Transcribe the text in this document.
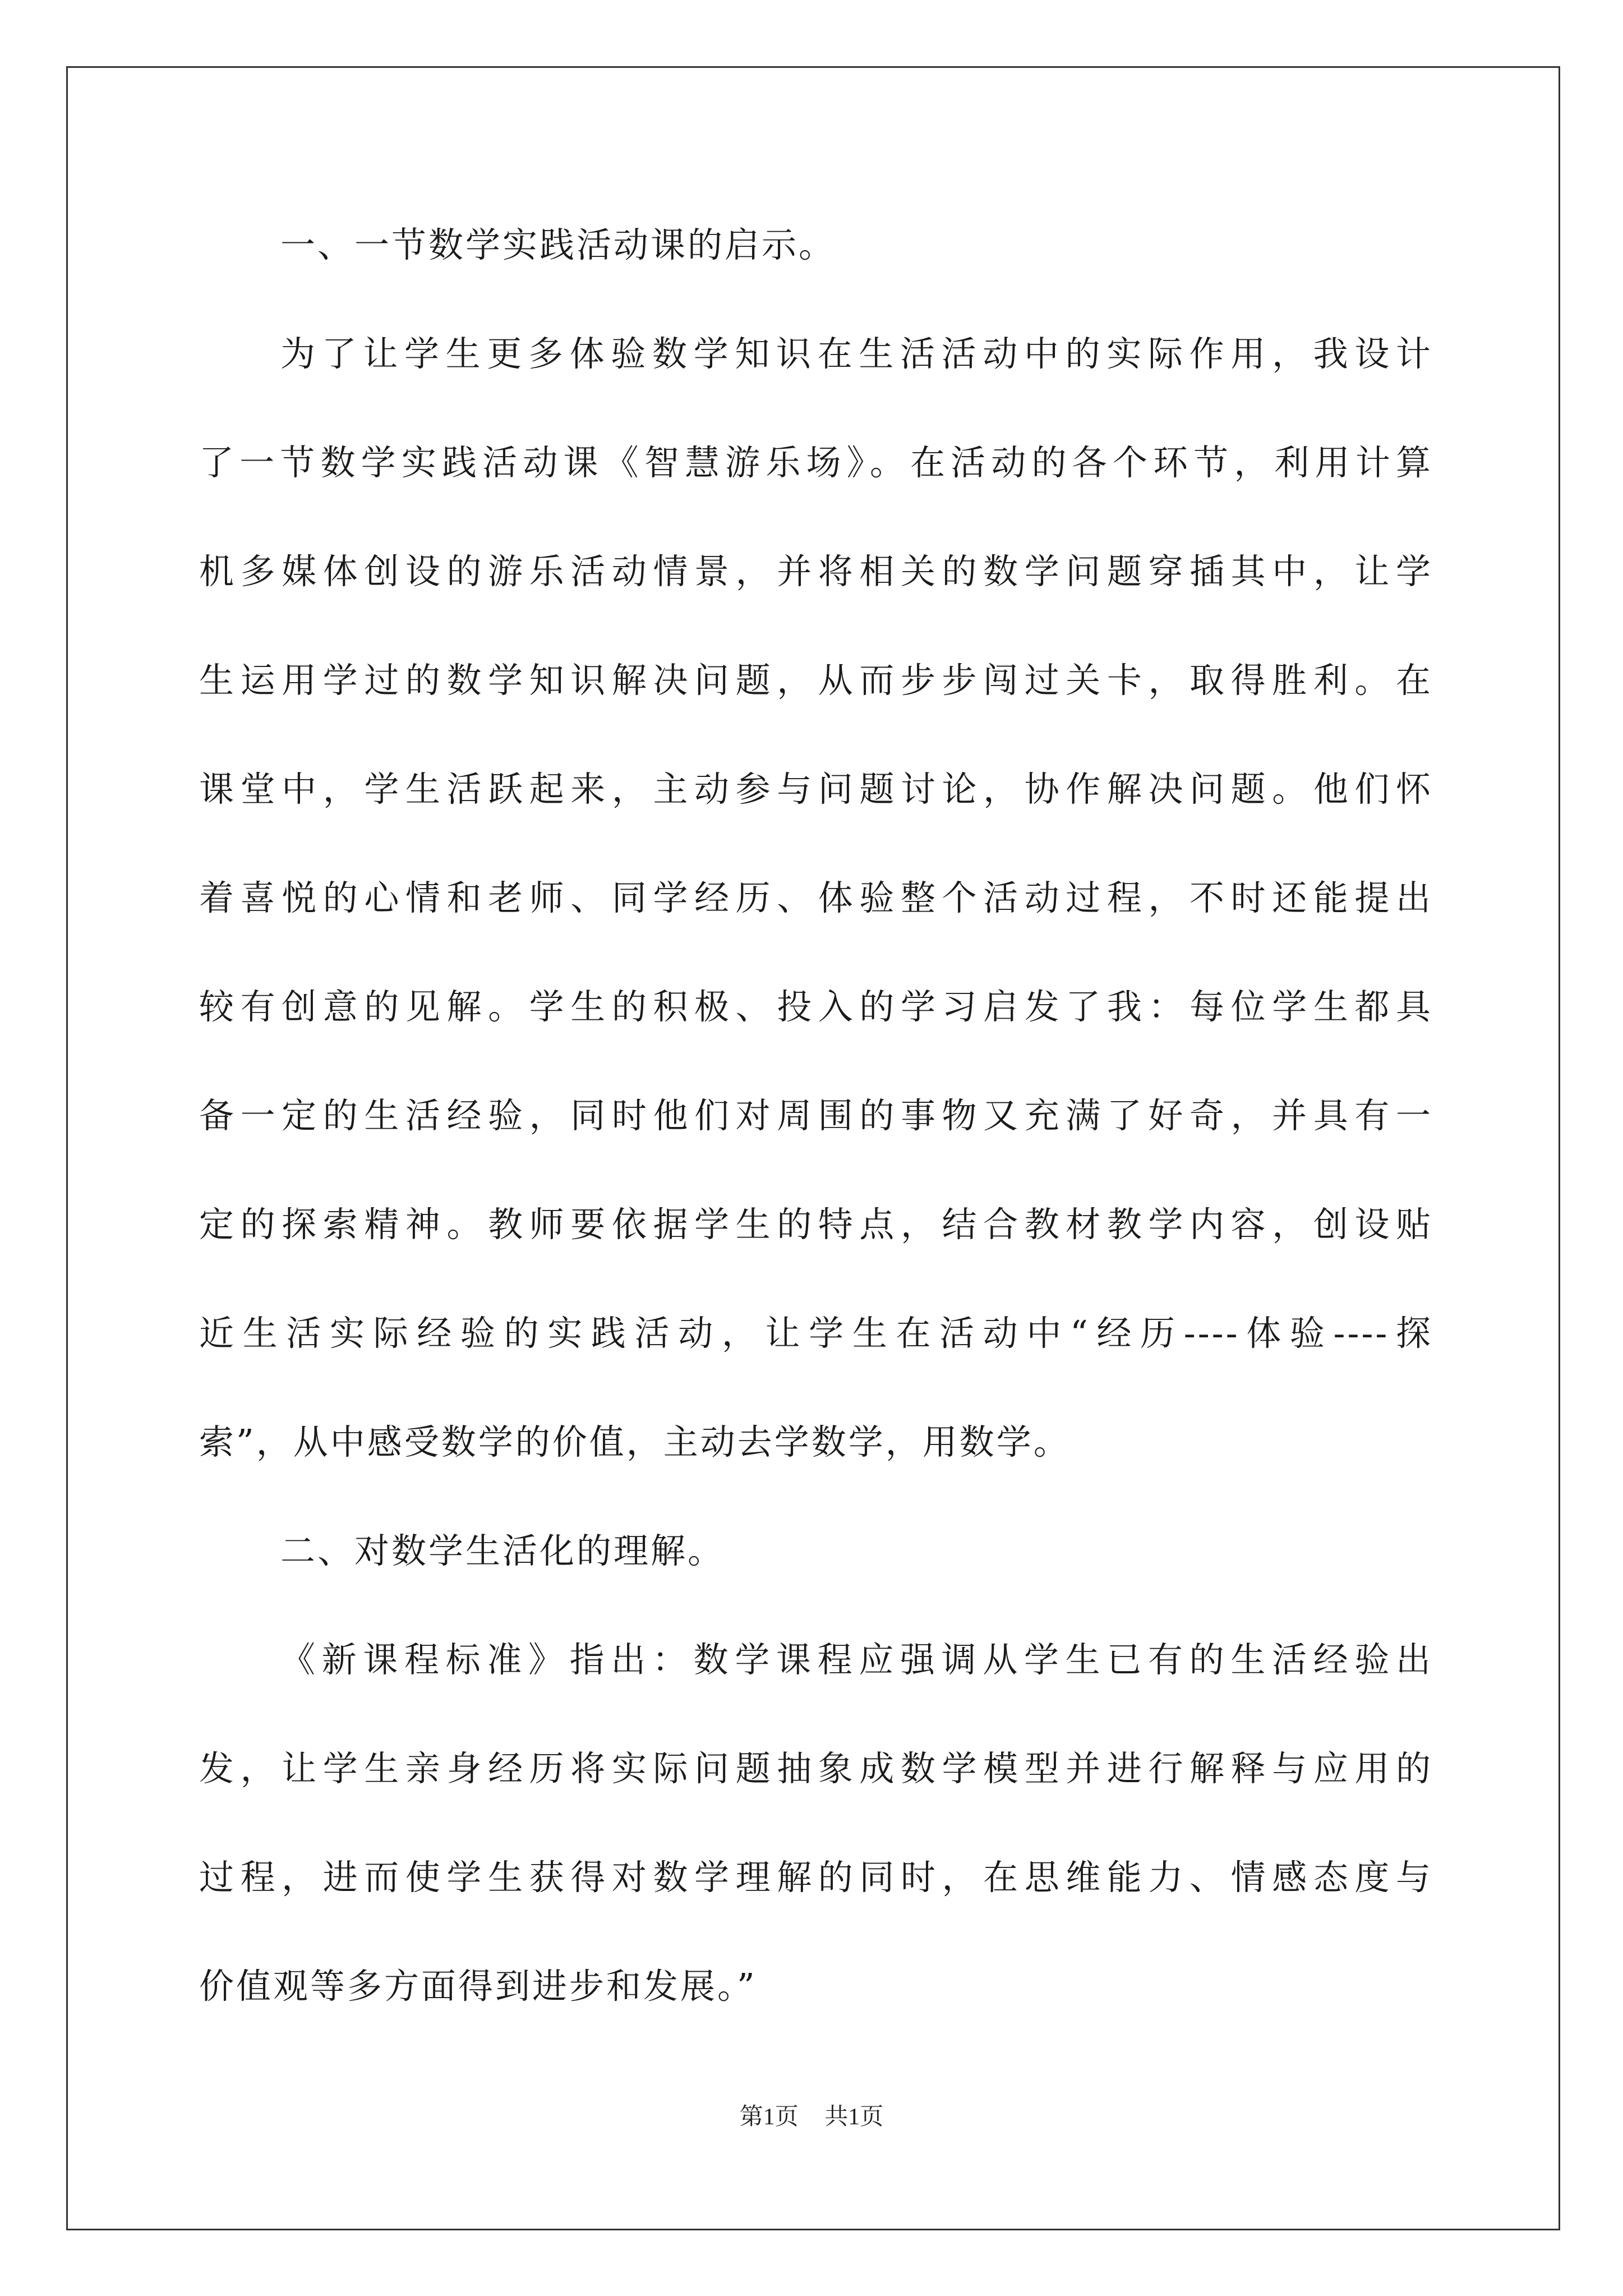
一、一节数学实践活动课的启示。
为了让学生更多体验数学知识在生活活动中的实际作用，我设计
了一节数学实践活动课《智慧游乐场》。在活动的各个环节，利用计算
机多媒体创设的游乐活动情景，并将相关的数学问题穿插其中，让学
生运用学过的数学知识解决问题，从而步步闯过关卡，取得胜利。在
课堂中，学生活跃起来，主动参与问题讨论，协作解决问题。他们怀
着喜悦的心情和老师、同学经历、体验整个活动过程，不时还能提出
较有创意的见解。学生的积极、投入的学习启发了我：每位学生都具
备一定的生活经验，同时他们对周围的事物又充满了好奇，并具有一
定的探索精神。教师要依据学生的特点，结合教材教学内容，创设贴
近生活实际经验的实践活动，让学生在活动中“经历----体验----探
索”，从中感受数学的价值，主动去学数学，用数学。
二、对数学生活化的理解。
《新课程标准》指出：数学课程应强调从学生已有的生活经验出
发，让学生亲身经历将实际问题抽象成数学模型并进行解释与应用的
过程，进而使学生获得对数学理解的同时，在思维能力、情感态度与
价值观等多方面得到进步和发展。”
第1页 共1页
